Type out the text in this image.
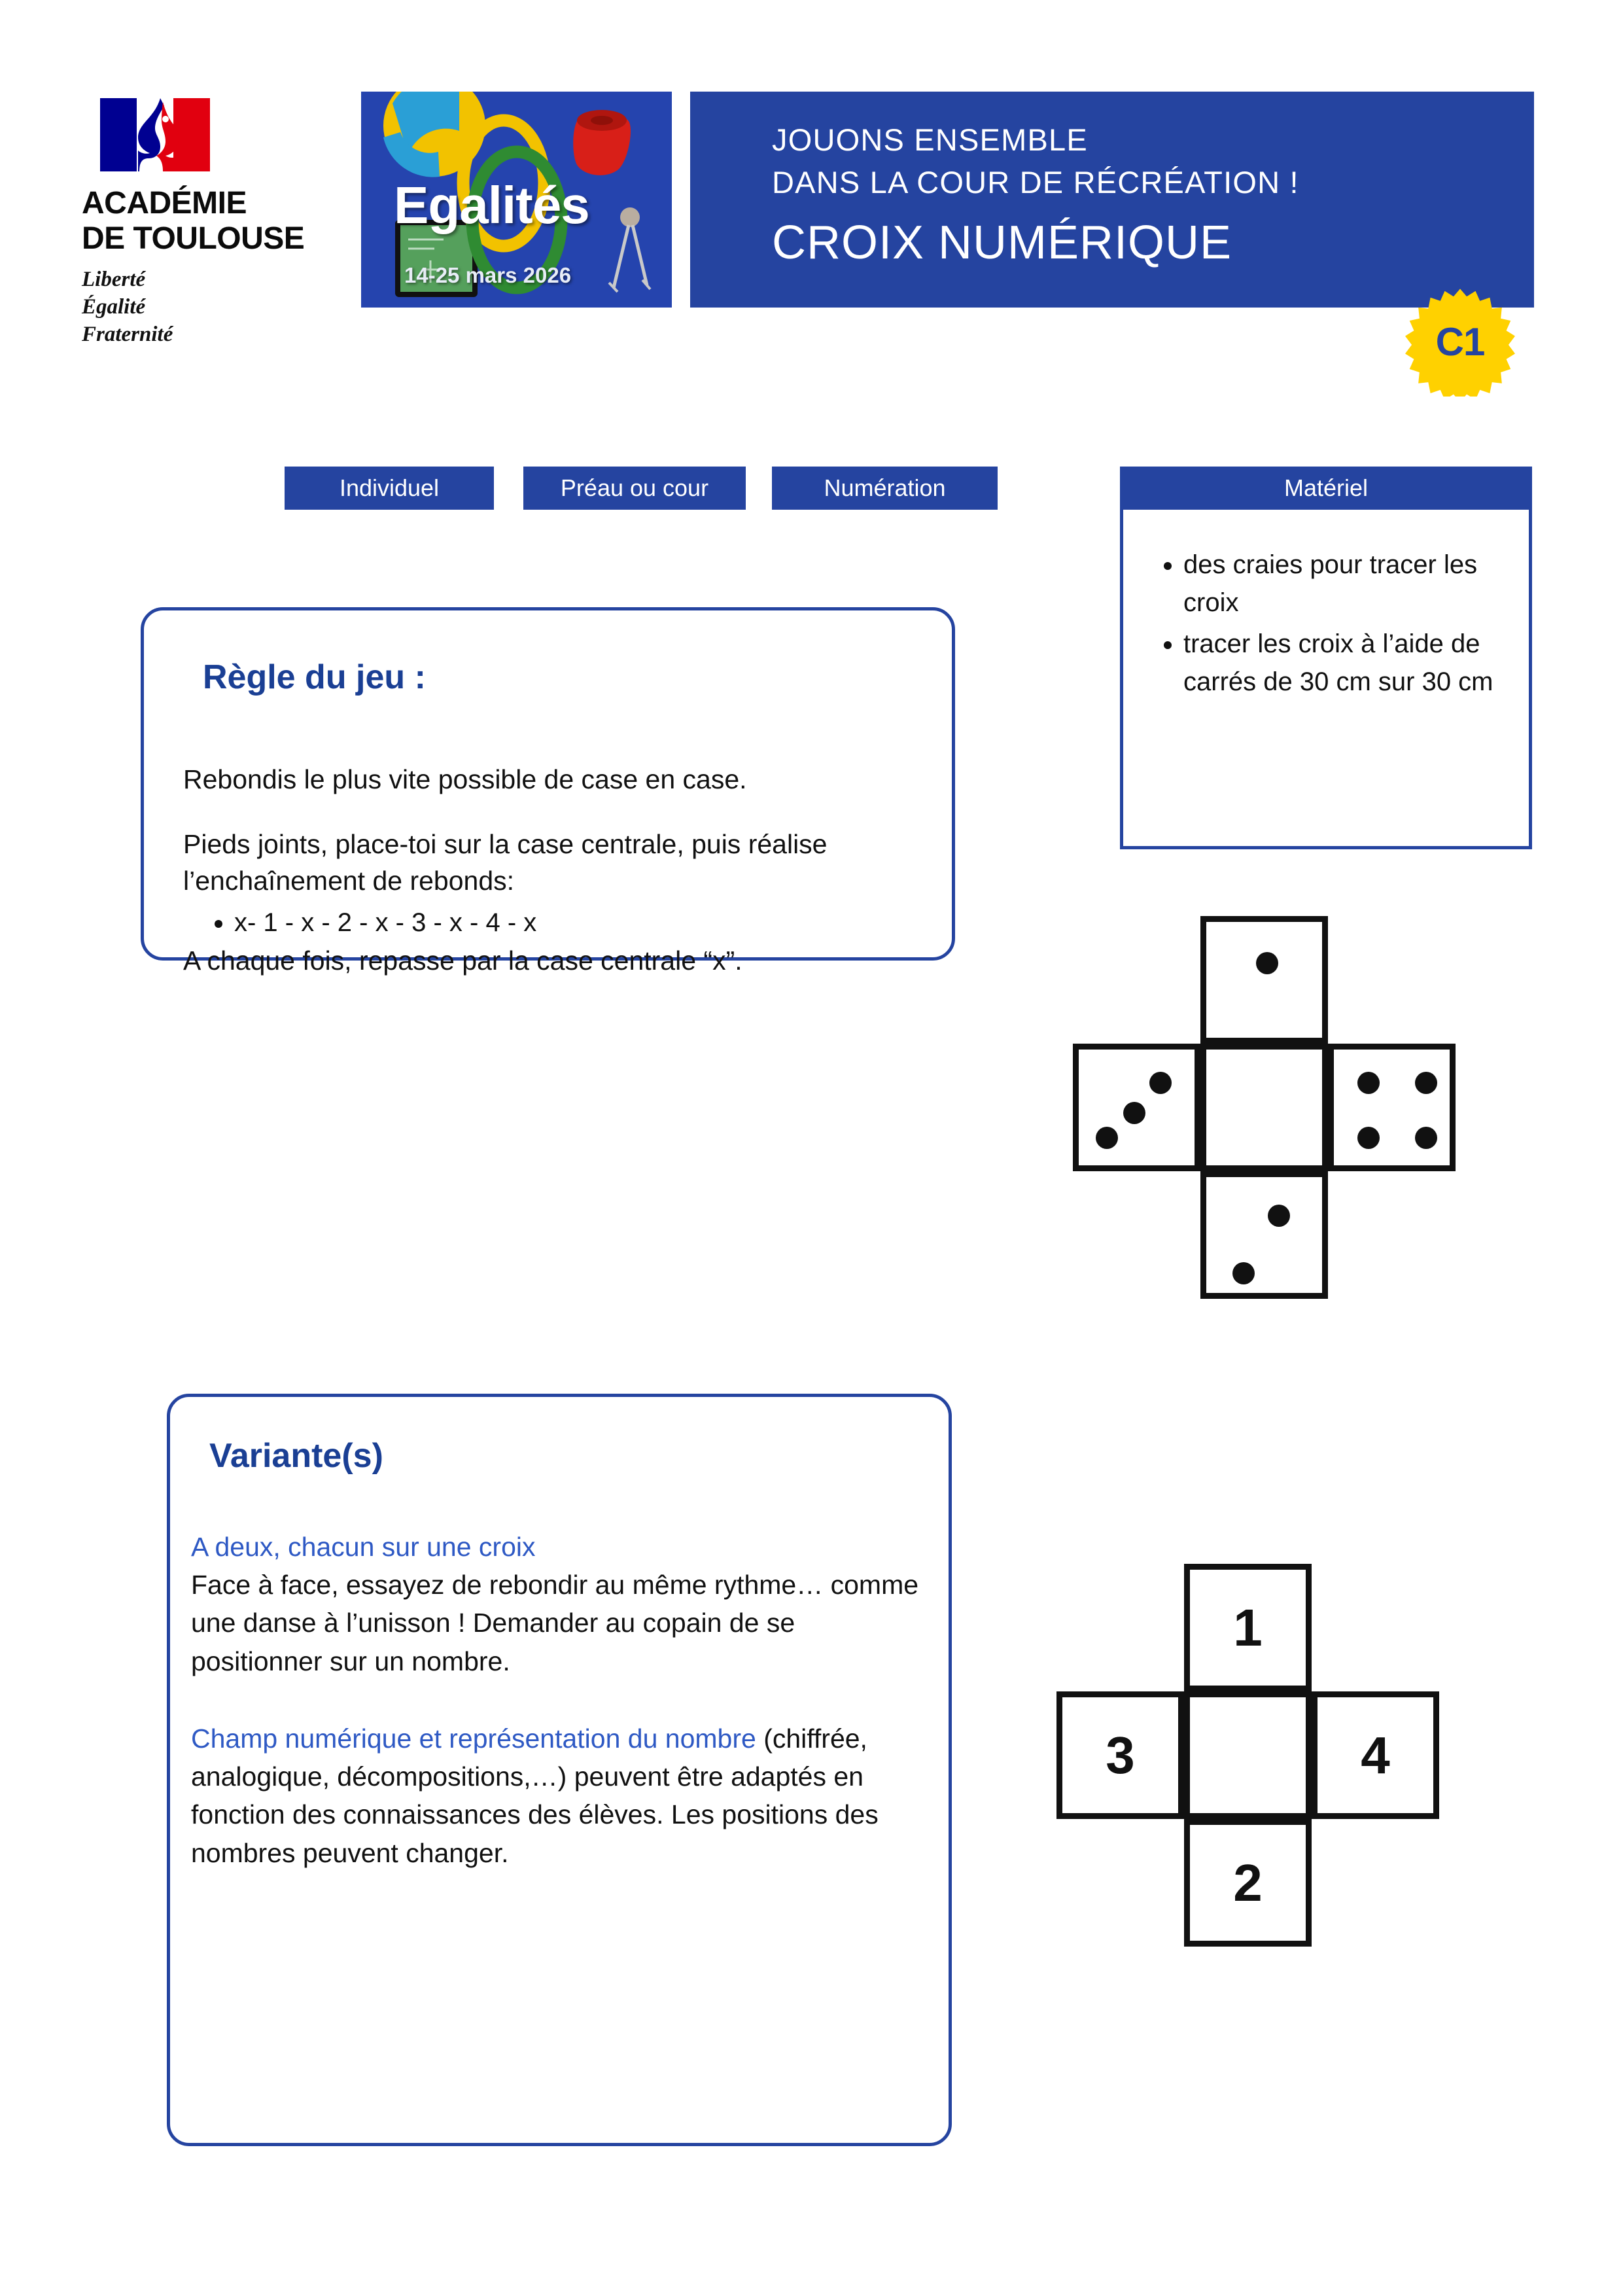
ACADÉMIE
DE TOULOUSE
Liberté
Égalité
Fraternité
Egalités
14-25 mars 2026
JOUONS ENSEMBLE
DANS LA COUR DE RÉCRÉATION !
CROIX NUMÉRIQUE
C1
Individuel	Préau ou cour	Numération	Matériel
• des craies pour tracer les croix
• tracer les croix à l’aide de carrés de 30 cm sur 30 cm
Règle du jeu :

Rebondis le plus vite possible de case en case.

Pieds joints, place-toi sur la case centrale, puis réalise l’enchaînement de rebonds:

• x- 1 - x - 2 - x - 3 - x - 4 - x

A chaque fois, repasse par la case centrale “x”.

Variante(s)

A deux, chacun sur une croix
Face à face, essayez de rebondir au même rythme… comme une danse à l’unisson ! Demander au copain de se positionner sur un nombre.

Champ numérique et représentation du nombre (chiffrée, analogique, décompositions,…) peuvent être adaptés en fonction des connaissances des élèves. Les positions des nombres peuvent changer.

1
3	4
2
